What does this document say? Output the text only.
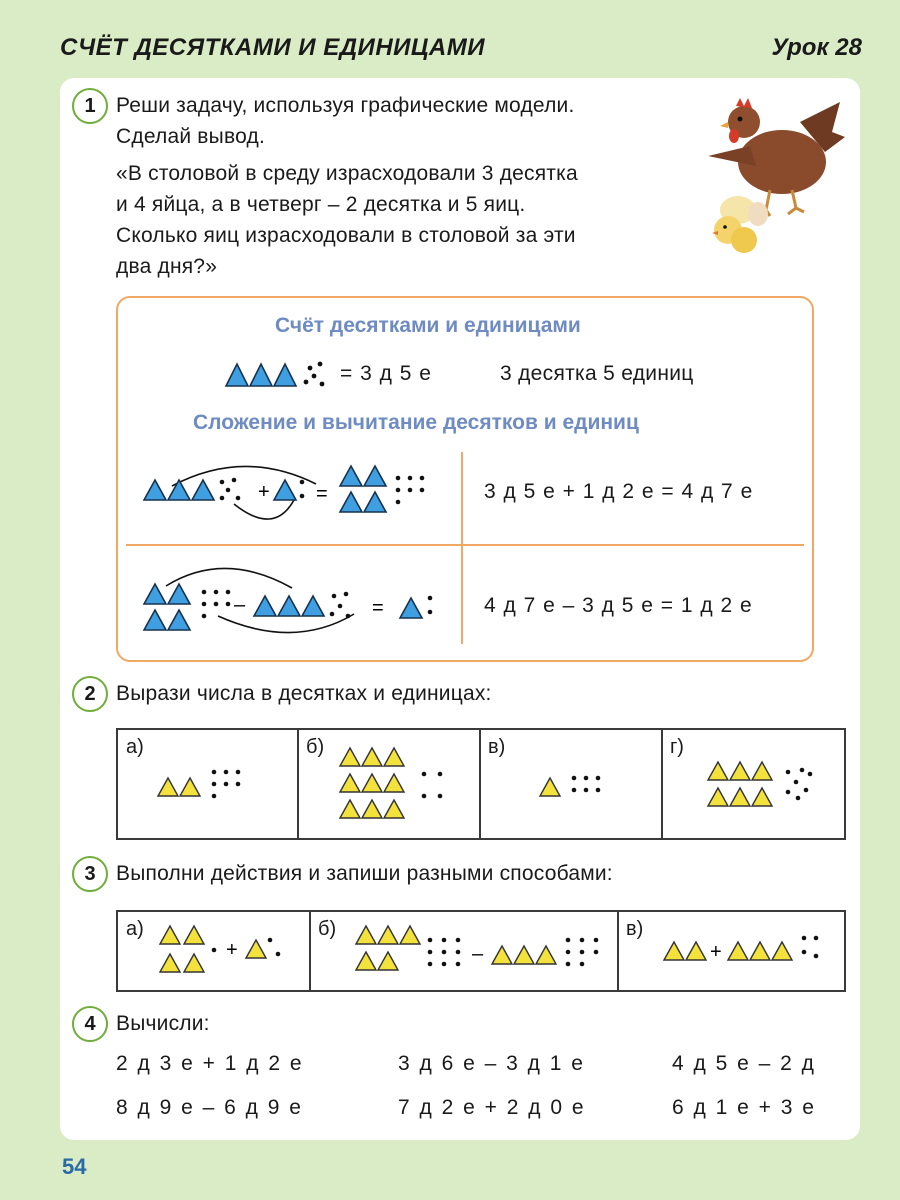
СЧЁТ ДЕСЯТКАМИ И ЕДИНИЦАМИ	Урок 28
1 Реши задачу, используя графические модели.
Сделай вывод.
«В столовой в среду израсходовали 3 десятка
и 4 яйца, а в четверг – 2 десятка и 5 яиц.
Сколько яиц израсходовали в столовой за эти
два дня?»
Счёт десятками и единицами
= 3 д 5 е	3 десятка 5 единиц
Сложение и вычитание десятков и единиц
+ =	3 д 5 е + 1 д 2 е = 4 д 7 е
–	=	4 д 7 е – 3 д 5 е = 1 д 2 е
2 Вырази числа в десятках и единицах:
а)	б)	в)	г)
3 Выполни действия и запиши разными способами:
а)	б)	в)
+	–	+
4 Вычисли:
2 д 3 е + 1 д 2 е	3 д 6 е – 3 д 1 е	4 д 5 е – 2 д
8 д 9 е – 6 д 9 е	7 д 2 е + 2 д 0 е	6 д 1 е + 3 е
54
